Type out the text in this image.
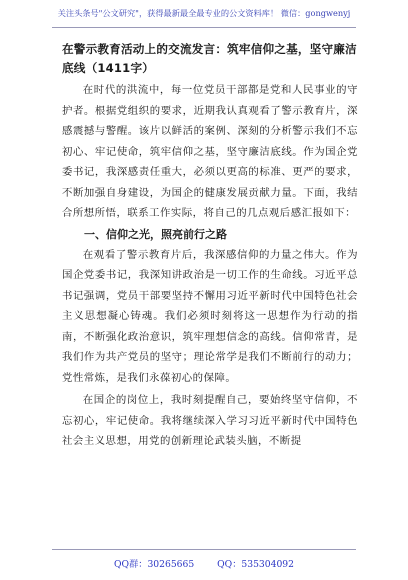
关注头条号"公文研究"，获得最新最全最专业的公文资料库！ 微信：gongwenyj

在警示教育活动上的交流发言：筑牢信仰之基，坚守廉洁底线（1411字）

在时代的洪流中，每一位党员干部都是党和人民事业的守护者。根据党组织的要求，近期我认真观看了警示教育片，深感震撼与警醒。该片以鲜活的案例、深刻的分析警示我们不忘初心、牢记使命，筑牢信仰之基，坚守廉洁底线。作为国企党委书记，我深感责任重大，必须以更高的标准、更严的要求，不断加强自身建设，为国企的健康发展贡献力量。下面，我结合所想所悟，联系工作实际，将自己的几点观后感汇报如下：

一、信仰之光，照亮前行之路

在观看了警示教育片后，我深感信仰的力量之伟大。作为国企党委书记，我深知讲政治是一切工作的生命线。习近平总书记强调，党员干部要坚持不懈用习近平新时代中国特色社会主义思想凝心铸魂。我们必须时刻将这一思想作为行动的指南，不断强化政治意识，筑牢理想信念的高线。信仰常青，是我们作为共产党员的坚守；理论常学是我们不断前行的动力；党性常炼，是我们永葆初心的保障。

在国企的岗位上，我时刻提醒自己，要始终坚守信仰，不忘初心，牢记使命。我将继续深入学习习近平新时代中国特色社会主义思想，用党的创新理论武装头脑，不断提

QQ群：30265665 QQ：535304092
